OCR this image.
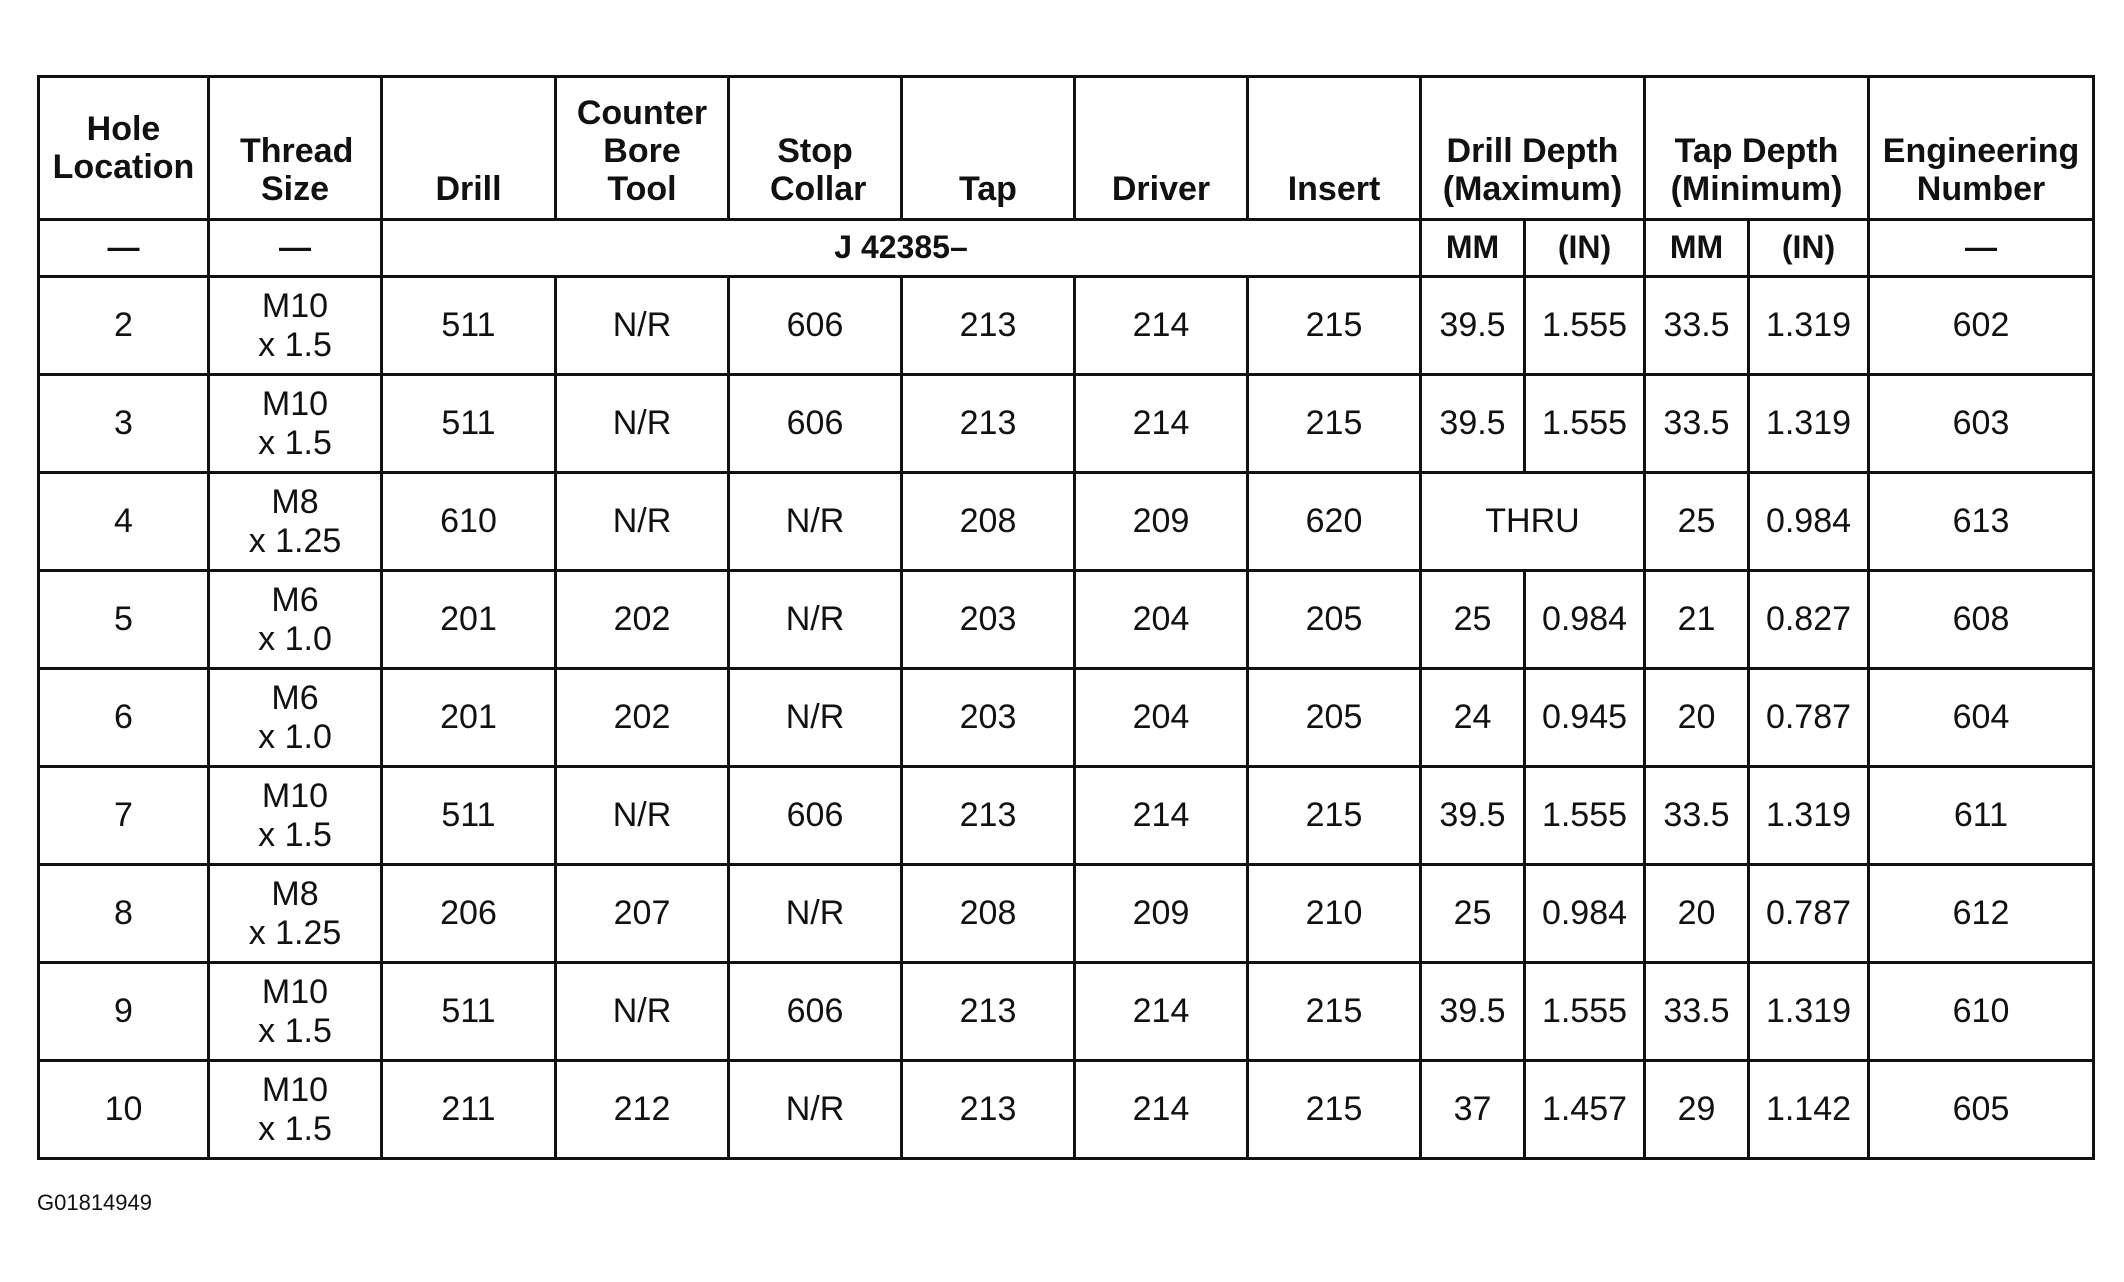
Hole Location	Thread Size	Drill	Counter Bore Tool	Stop Collar	Tap	Driver	Insert	Drill Depth (Maximum)		Tap Depth (Minimum)		Engineering Number
—	—	J 42385–						MM	(IN)	MM	(IN)	—
2	M10
x 1.5	511	N/R	606	213	214	215	39.5	1.555	33.5	1.319	602
3	M10
x 1.5	511	N/R	606	213	214	215	39.5	1.555	33.5	1.319	603
4	M8
x 1.25	610	N/R	N/R	208	209	620	THRU		25	0.984	613
5	M6
x 1.0	201	202	N/R	203	204	205	25	0.984	21	0.827	608
6	M6
x 1.0	201	202	N/R	203	204	205	24	0.945	20	0.787	604
7	M10
x 1.5	511	N/R	606	213	214	215	39.5	1.555	33.5	1.319	611
8	M8
x 1.25	206	207	N/R	208	209	210	25	0.984	20	0.787	612
9	M10
x 1.5	511	N/R	606	213	214	215	39.5	1.555	33.5	1.319	610
10	M10
x 1.5	211	212	N/R	213	214	215	37	1.457	29	1.142	605
G01814949
